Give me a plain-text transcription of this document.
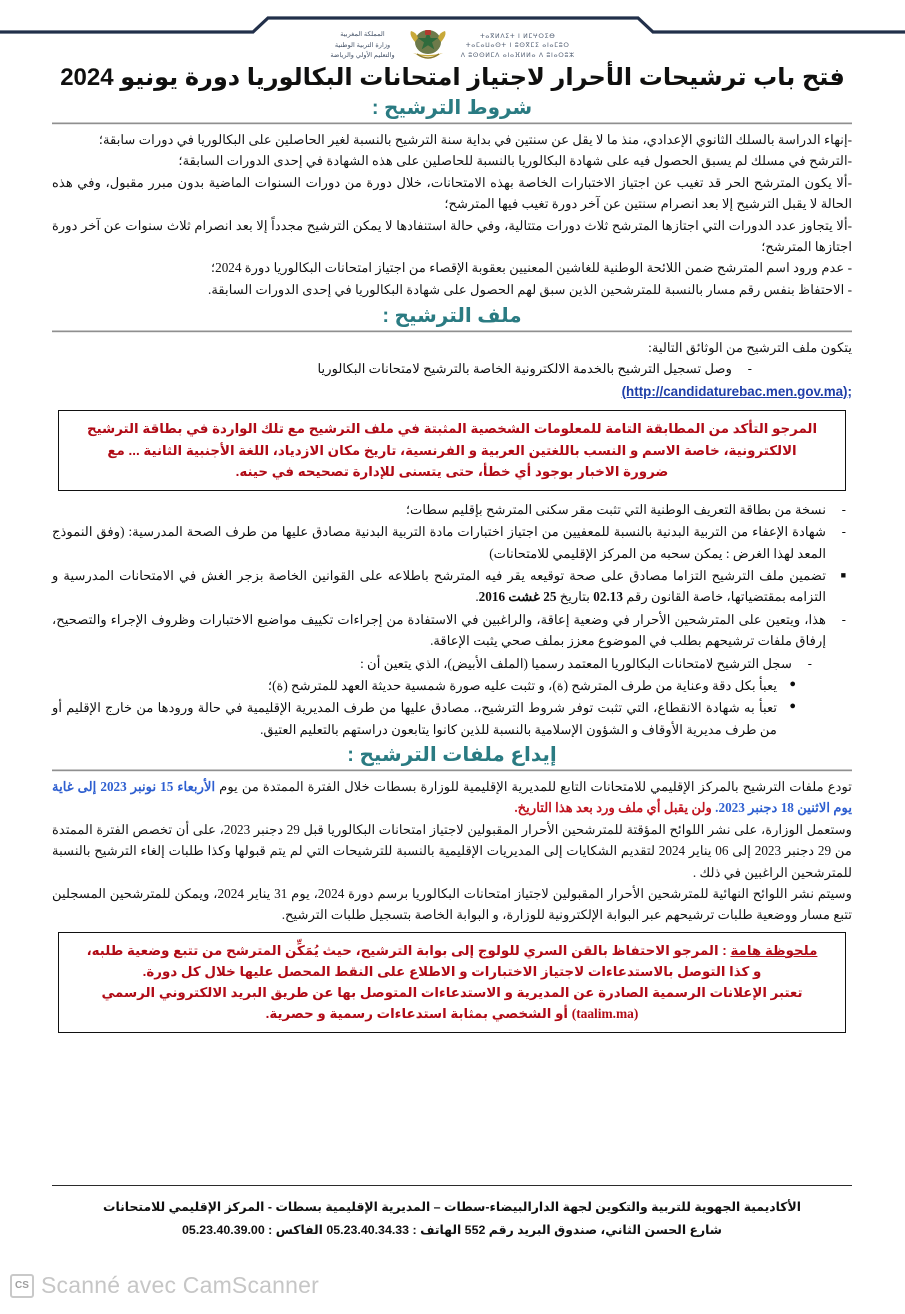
ⵜⴰⴳⵍⴷⵉⵜ ⵏ ⵍⵎⵖⵔⵉⴱ
ⵜⴰⵎⴰⵡⴰⵙⵜ ⵏ ⵓⵙⴳⵎⵉ ⴰⵏⴰⵎⵓⵔ
ⴷ ⵓⵙⵙⵍⵎⴷ ⴰⵏⴰⴼⵍⵍⴰ ⴷ ⵓⵏⴰⵔⵓⵣ
المملكة المغربية
وزارة التربية الوطنية
والتعليم الأولي والرياضة
فتح باب ترشيحات الأحرار لاجتياز امتحانات البكالوريا دورة يونيو 2024
شروط الترشيح :

-إنهاء الدراسة بالسلك الثانوي الإعدادي، منذ ما لا يقل عن سنتين في بداية سنة الترشيح بالنسبة لغير الحاصلين على البكالوريا في دورات سابقة؛

-الترشح في مسلك لم يسبق الحصول فيه على شهادة البكالوريا بالنسبة للحاصلين على هذه الشهادة في إحدى الدورات السابقة؛

-ألا يكون المترشح الحر قد تغيب عن اجتياز الاختبارات الخاصة بهذه الامتحانات، خلال دورة من دورات السنوات الماضية بدون مبرر مقبول، وفي هذه الحالة لا يقبل الترشيح إلا بعد انصرام سنتين عن آخر دورة تغيب فيها المترشح؛

-ألا يتجاوز عدد الدورات التي اجتازها المترشح ثلاث دورات متتالية، وفي حالة استنفادها لا يمكن الترشيح مجدداً إلا بعد انصرام ثلاث سنوات عن آخر دورة اجتازها المترشح؛

- عدم ورود اسم المترشح ضمن اللائحة الوطنية للغاشين المعنيين بعقوبة الإقصاء من اجتياز امتحانات البكالوريا دورة 2024؛

- الاحتفاظ بنفس رقم مسار بالنسبة للمترشحين الذين سبق لهم الحصول على شهادة البكالوريا في إحدى الدورات السابقة.

ملف الترشيح :

يتكون ملف الترشيح من الوثائق التالية:

-
وصل تسجيل الترشيح بالخدمة الالكترونية الخاصة بالترشيح لامتحانات البكالوريا

(http://candidaturebac.men.gov.ma);

المرجو التأكد من المطابقة التامة للمعلومات الشخصية المثبتة في ملف الترشيح مع تلك الواردة في بطاقة الترشيح

الالكترونية، خاصة الاسم و النسب باللغتين العربية و الفرنسية، تاريخ مكان الازدياد، اللغة الأجنبية الثانية ... مع

ضرورة الاخبار بوجود أي خطأ، حتى يتسنى للإدارة تصحيحه في حينه.

-
نسخة من بطاقة التعريف الوطنية التي تثبت مقر سكنى المترشح بإقليم سطات؛
-
شهادة الإعفاء من التربية البدنية بالنسبة للمعفيين من اجتياز اختبارات مادة التربية البدنية مصادق عليها من طرف الصحة المدرسية: (وفق النموذج المعد لهذا الغرض : يمكن سحبه من المركز الإقليمي للامتحانات)
■
تضمين ملف الترشيح التزاما مصادق على صحة توقيعه يقر فيه المترشح باطلاعه على القوانين الخاصة بزجر الغش في الامتحانات المدرسية و التزامه بمقتضياتها، خاصة القانون رقم 02.13 بتاريخ 25 غشت 2016.
-
هذا، ويتعين على المترشحين الأحرار في وضعية إعاقة، والراغبين في الاستفادة من إجراءات تكييف مواضيع الاختبارات وظروف الإجراء والتصحيح، إرفاق ملفات ترشيحهم بطلب في الموضوع معزز بملف صحي يثبت الإعاقة.
-
سجل الترشيح لامتحانات البكالوريا المعتمد رسميا (الملف الأبيض)، الذي يتعين أن :
●
يعبأ بكل دقة وعناية من طرف المترشح (ة)، و تثبت عليه صورة شمسية حديثة العهد للمترشح (ة)؛
●
تعبأ به شهادة الانقطاع، التي تثبت توفر شروط الترشيح،. مصادق عليها من طرف المديرية الإقليمية في حالة ورودها من خارج الإقليم أو من طرف مديرية الأوقاف و الشؤون الإسلامية بالنسبة للذين كانوا يتابعون دراستهم بالتعليم العتيق.
إيداع ملفات الترشيح :

تودع ملفات الترشيح بالمركز الإقليمي للامتحانات التابع للمديرية الإقليمية للوزارة بسطات خلال الفترة الممتدة من يوم الأربعاء 15 نونبر 2023 إلى غاية يوم الاثنين 18 دجنبر 2023. ولن يقبل أي ملف ورد بعد هذا التاريخ.

وستعمل الوزارة، على نشر اللوائح المؤقتة للمترشحين الأحرار المقبولين لاجتياز امتحانات البكالوريا قبل 29 دجنبر 2023، على أن تخصص الفترة الممتدة من 29 دجنبر 2023 إلى 06 يناير 2024 لتقديم الشكايات إلى المديريات الإقليمية بالنسبة للترشيحات التي لم يتم قبولها وكذا طلبات إلغاء الترشيح بالنسبة للمترشحين الراغبين في ذلك .

وسيتم نشر اللوائح النهائية للمترشحين الأحرار المقبولين لاجتياز امتحانات البكالوريا برسم دورة 2024، يوم 31 يناير 2024، ويمكن للمترشحين المسجلين تتبع مسار ووضعية طلبات ترشيحهم عبر البوابة الإلكترونية للوزارة، و البوابة الخاصة بتسجيل طلبات الترشيح.

ملحوظة هامة : المرجو الاحتفاظ بالقن السري للولوج إلى بوابة الترشيح، حيث يُمَكِّن المترشح من تتبع وضعية طلبه،

و كذا التوصل بالاستدعاءات لاجتياز الاختبارات و الاطلاع على النقط المحصل عليها خلال كل دورة.

تعتبر الإعلانات الرسمية الصادرة عن المديرية و الاستدعاءات المتوصل بها عن طريق البريد الالكتروني الرسمي

(taalim.ma) أو الشخصي بمثابة استدعاءات رسمية و حصرية.

الأكاديمية الجهوية للتربية والتكوين لجهة الدارالبيضاء-سطات – المديرية الإقليمية بسطات - المركز الإقليمي للامتحانات
شارع الحسن الثاني، صندوق البريد رقم 552 الهاتف : 05.23.40.34.33 الفاكس : 05.23.40.39.00
CS Scanné avec CamScanner
